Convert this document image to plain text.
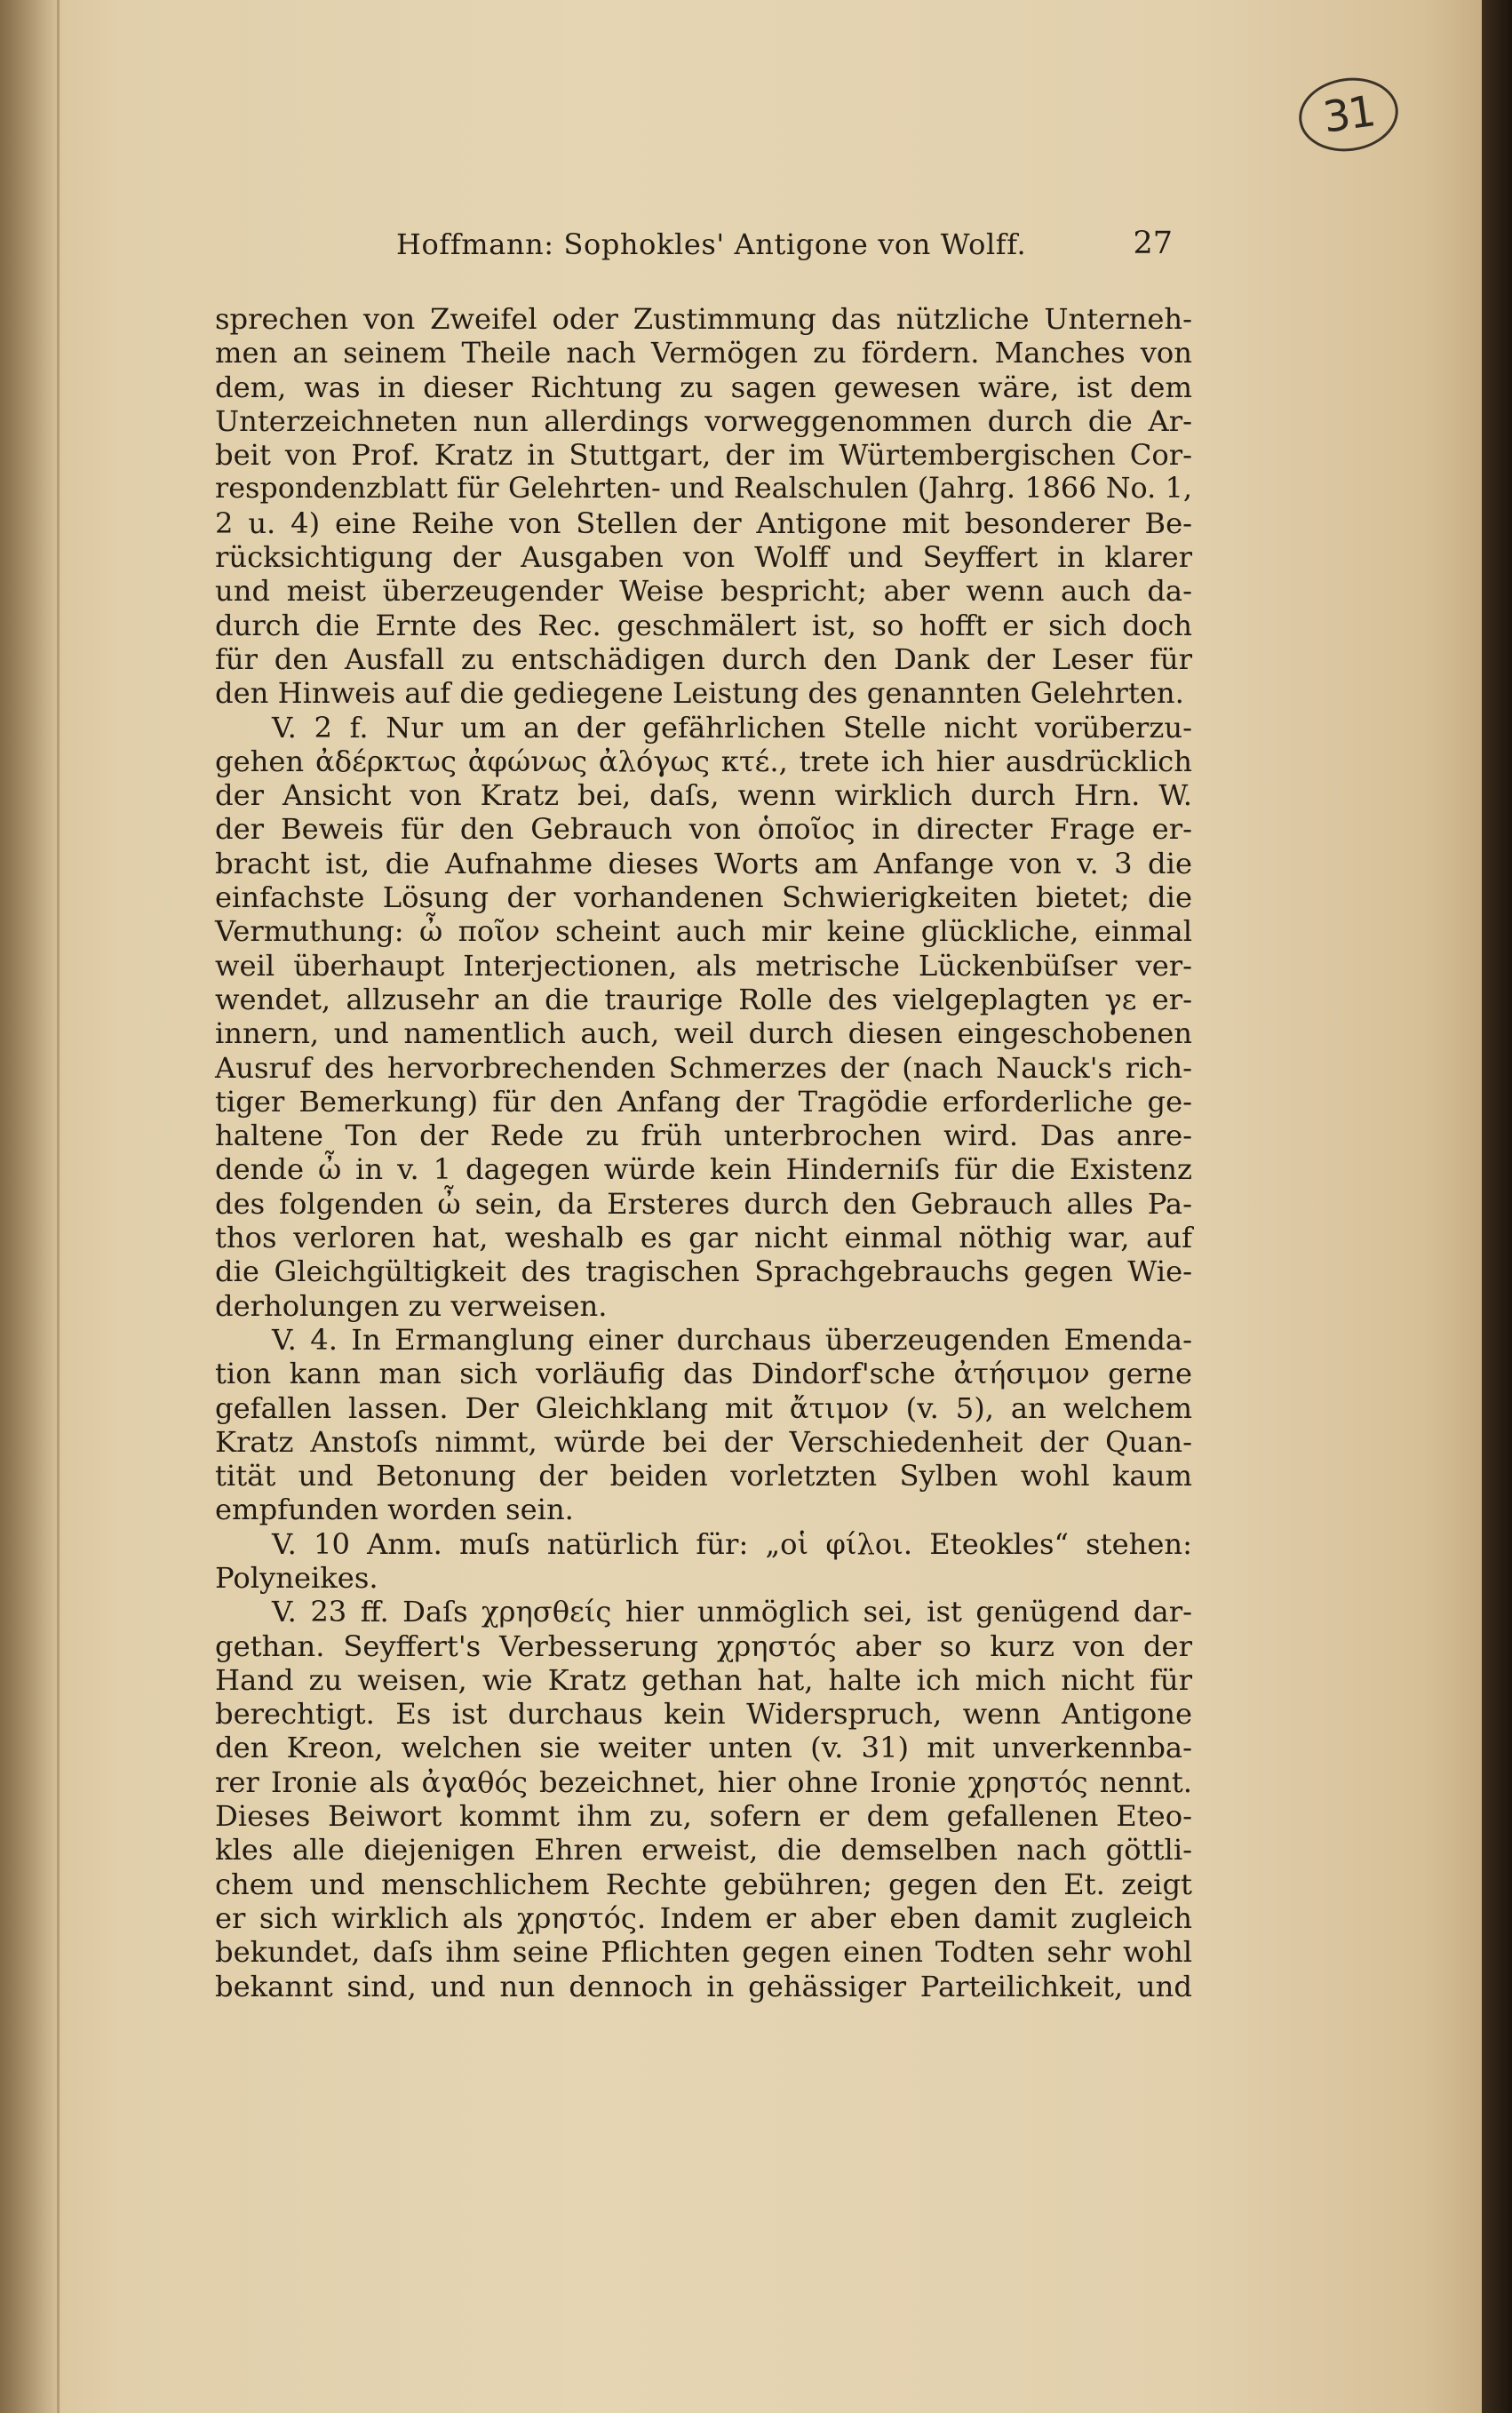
31
Hoffmann: Sophokles' Antigone von Wolff.	27
sprechen von Zweifel oder Zustimmung das nützliche Unterneh-
men an seinem Theile nach Vermögen zu fördern. Manches von
dem, was in dieser Richtung zu sagen gewesen wäre, ist dem
Unterzeichneten nun allerdings vorweggenommen durch die Ar-
beit von Prof. Kratz in Stuttgart, der im Würtembergischen Cor-
respondenzblatt für Gelehrten- und Realschulen (Jahrg. 1866 No. 1,
2 u. 4) eine Reihe von Stellen der Antigone mit besonderer Be-
rücksichtigung der Ausgaben von Wolff und Seyffert in klarer
und meist überzeugender Weise bespricht; aber wenn auch da-
durch die Ernte des Rec. geschmälert ist, so hofft er sich doch
für den Ausfall zu entschädigen durch den Dank der Leser für
den Hinweis auf die gediegene Leistung des genannten Gelehrten.
V. 2 f. Nur um an der gefährlichen Stelle nicht vorüberzu-
gehen ἀδέρκτως ἀφώνως ἀλόγως κτέ., trete ich hier ausdrücklich
der Ansicht von Kratz bei, daſs, wenn wirklich durch Hrn. W.
der Beweis für den Gebrauch von ὁποῖος in directer Frage er-
bracht ist, die Aufnahme dieses Worts am Anfange von v. 3 die
einfachste Lösung der vorhandenen Schwierigkeiten bietet; die
Vermuthung: ὦ ποῖον scheint auch mir keine glückliche, einmal
weil überhaupt Interjectionen, als metrische Lückenbüſser ver-
wendet, allzusehr an die traurige Rolle des vielgeplagten γε er-
innern, und namentlich auch, weil durch diesen eingeschobenen
Ausruf des hervorbrechenden Schmerzes der (nach Nauck's rich-
tiger Bemerkung) für den Anfang der Tragödie erforderliche ge-
haltene Ton der Rede zu früh unterbrochen wird. Das anre-
dende ὦ in v. 1 dagegen würde kein Hinderniſs für die Existenz
des folgenden ὦ sein, da Ersteres durch den Gebrauch alles Pa-
thos verloren hat, weshalb es gar nicht einmal nöthig war, auf
die Gleichgültigkeit des tragischen Sprachgebrauchs gegen Wie-
derholungen zu verweisen.
V. 4. In Ermanglung einer durchaus überzeugenden Emenda-
tion kann man sich vorläufig das Dindorf'sche ἀτήσιμον gerne
gefallen lassen. Der Gleichklang mit ἄτιμον (v. 5), an welchem
Kratz Anstoſs nimmt, würde bei der Verschiedenheit der Quan-
tität und Betonung der beiden vorletzten Sylben wohl kaum
empfunden worden sein.
V. 10 Anm. muſs natürlich für: „οἱ φίλοι. Eteokles“ stehen:
Polyneikes.
V. 23 ff. Daſs χρησθείς hier unmöglich sei, ist genügend dar-
gethan. Seyffert's Verbesserung χρηστός aber so kurz von der
Hand zu weisen, wie Kratz gethan hat, halte ich mich nicht für
berechtigt. Es ist durchaus kein Widerspruch, wenn Antigone
den Kreon, welchen sie weiter unten (v. 31) mit unverkennba-
rer Ironie als ἀγαθός bezeichnet, hier ohne Ironie χρηστός nennt.
Dieses Beiwort kommt ihm zu, sofern er dem gefallenen Eteo-
kles alle diejenigen Ehren erweist, die demselben nach göttli-
chem und menschlichem Rechte gebühren; gegen den Et. zeigt
er sich wirklich als χρηστός. Indem er aber eben damit zugleich
bekundet, daſs ihm seine Pflichten gegen einen Todten sehr wohl
bekannt sind, und nun dennoch in gehässiger Parteilichkeit, und
